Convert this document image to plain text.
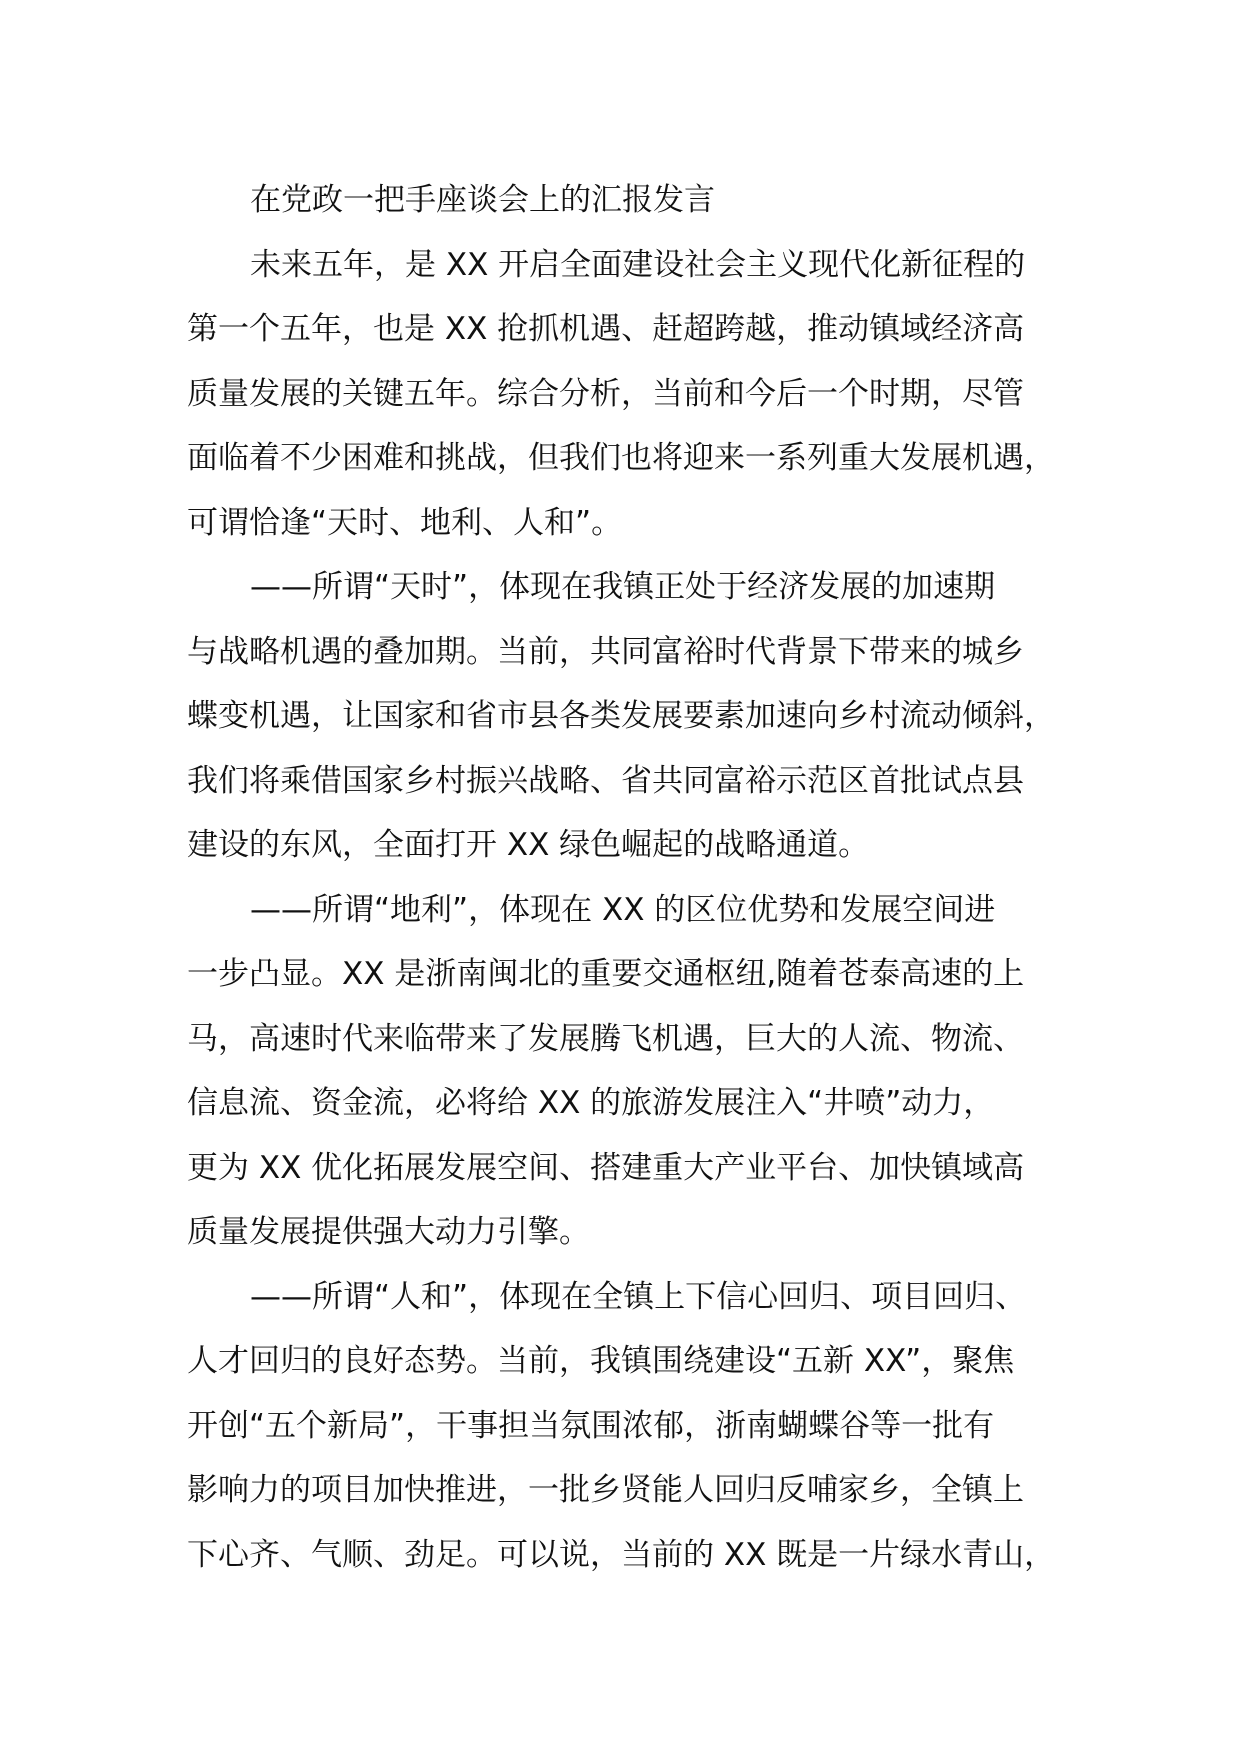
在党政一把手座谈会上的汇报发言
未来五年，是 XX 开启全面建设社会主义现代化新征程的
第一个五年，也是 XX 抢抓机遇、赶超跨越，推动镇域经济高
质量发展的关键五年。综合分析，当前和今后一个时期，尽管
面临着不少困难和挑战，但我们也将迎来一系列重大发展机遇，
可谓恰逢“天时、地利、人和”。
——所谓“天时”，体现在我镇正处于经济发展的加速期
与战略机遇的叠加期。当前，共同富裕时代背景下带来的城乡
蝶变机遇，让国家和省市县各类发展要素加速向乡村流动倾斜，
我们将乘借国家乡村振兴战略、省共同富裕示范区首批试点县
建设的东风，全面打开 XX 绿色崛起的战略通道。
——所谓“地利”，体现在 XX 的区位优势和发展空间进
一步凸显。XX 是浙南闽北的重要交通枢纽,随着苍泰高速的上
马，高速时代来临带来了发展腾飞机遇，巨大的人流、物流、
信息流、资金流，必将给 XX 的旅游发展注入“井喷”动力，
更为 XX 优化拓展发展空间、搭建重大产业平台、加快镇域高
质量发展提供强大动力引擎。
——所谓“人和”，体现在全镇上下信心回归、项目回归、
人才回归的良好态势。当前，我镇围绕建设“五新 XX”，聚焦
开创“五个新局”，干事担当氛围浓郁，浙南蝴蝶谷等一批有
影响力的项目加快推进，一批乡贤能人回归反哺家乡，全镇上
下心齐、气顺、劲足。可以说，当前的 XX 既是一片绿水青山，
